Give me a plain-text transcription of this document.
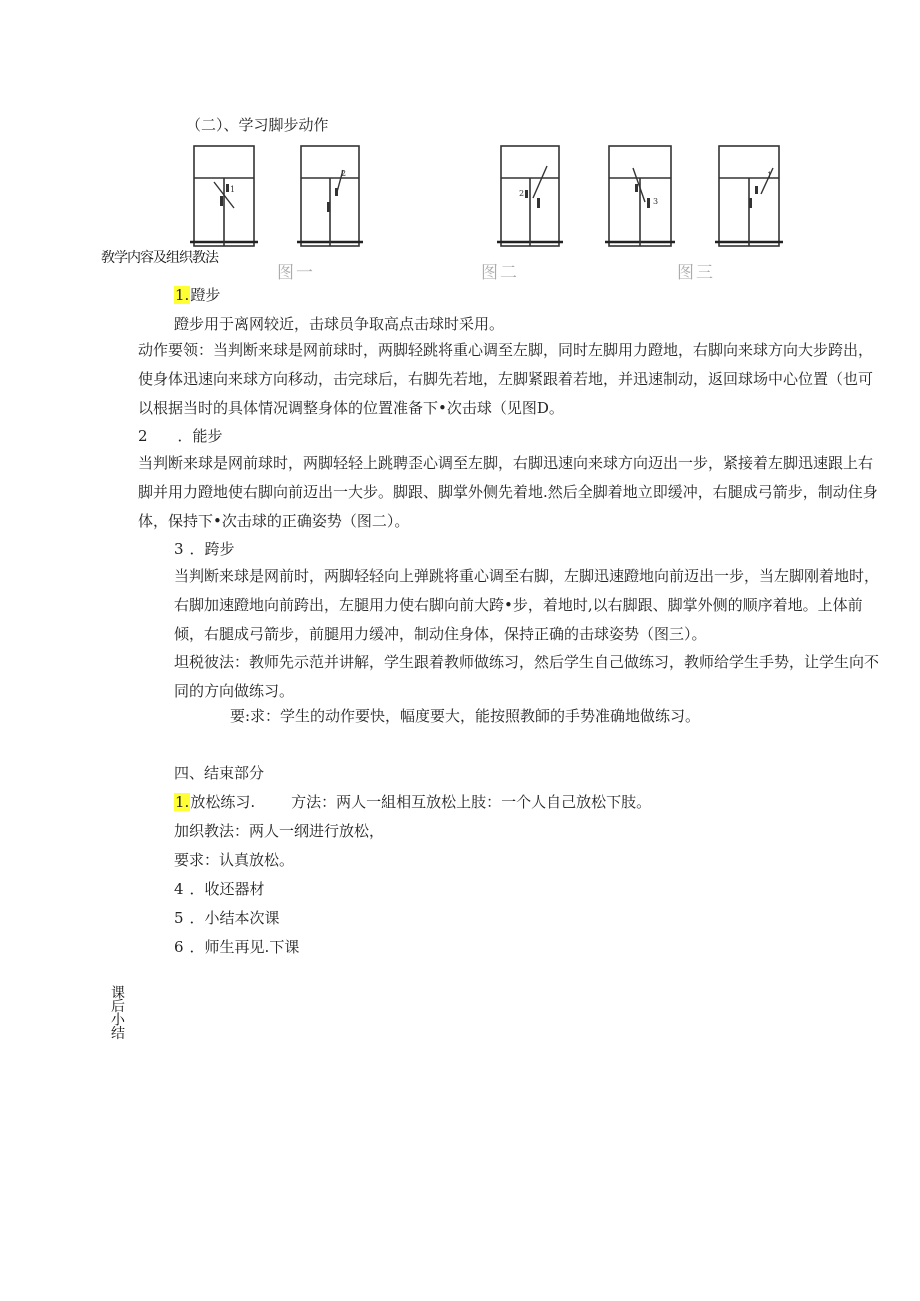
敎学内容及组织教法
课后小结
（二）、学习脚步动作
1
2
图一
2
3
图二
1
图三
1.蹬步
蹬步用于离网较近，击球员争取高点击球时采用。
动作要领：当判断来球是网前球时，两脚轻跳将重心调至左脚，同时左脚用力蹬地，右脚向来球方向大步跨出，使身体迅速向来球方向移动，击完球后，右脚先若地，左脚紧跟着若地，并迅速制动，返回球场中心位置（也可以根据当时的具体情况调整身体的位置准备下•次击球（见图D。
2 ．能步
当判断来球是网前球时，两脚轻轻上跳聘歪心调至左脚，右脚迅速向来球方向迈出一步，紧接着左脚迅速跟上右脚并用力蹬地使右脚向前迈出一大步。脚跟、脚掌外侧先着地.然后全脚着地立即缓冲，右腿成弓箭步，制动住身体，保持下•次击球的正确姿势（图二）。
3 ．跨步
当判断来球是网前时，两脚轻轻向上弹跳将重心调至右脚，左脚迅速蹬地向前迈出一步，当左脚刚着地时，右脚加速蹬地向前跨出，左腿用力使右脚向前大跨•步，着地时,以右脚跟、脚掌外侧的顺序着地。上体前倾，右腿成弓箭步，前腿用力缓冲，制动住身体，保持正确的击球姿势（图三）。
坦税彼法：教师先示范并讲解，学生跟着教师做练习，然后学生自己做练习，教师给学生手势，让学生向不同的方向做练习。
要:求：学生的动作要快，幅度要大，能按照教師的手势准确地做练习。
四、结束部分
1.放松练习. 方法：两人一組相互放松上肢：一个人自己放松下肢。
加织教法：两人一纲进行放松，
要求：认真放松。
4 ．收还器材
5 ．小结本次课
6 ．师生再见.下课
